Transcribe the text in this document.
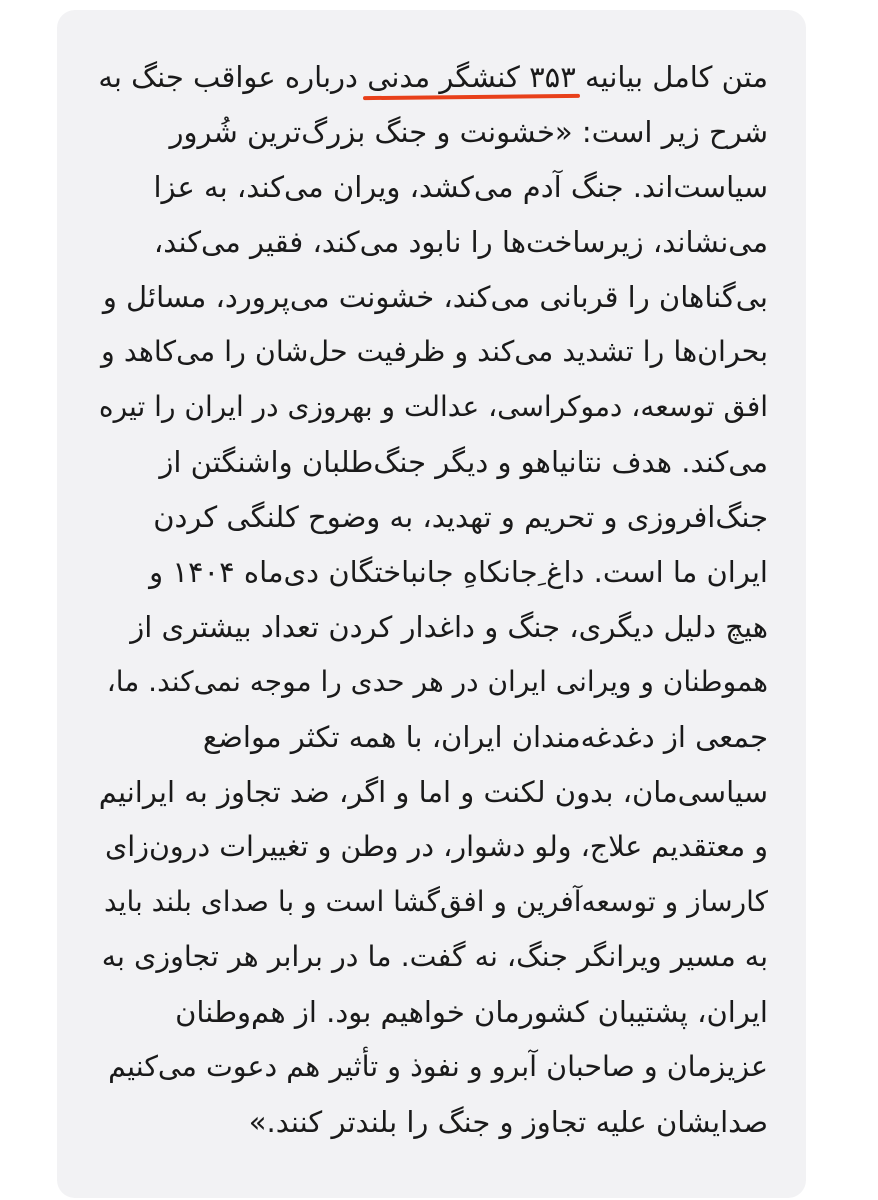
متن کامل بیانیه ۳۵۳ کنشگر مدنی
درباره عواقب جنگ به
شرح زیر است: «خشونت و جنگ بزرگ‌ترین شُرور
سیاست‌اند. جنگ آدم می‌کشد، ویران می‌کند، به عزا
می‌نشاند، زیرساخت‌ها را نابود می‌کند، فقیر می‌کند،
بی‌گناهان را قربانی می‌کند، خشونت می‌پرورد، مسائل و
بحران‌ها را تشدید می‌کند و ظرفیت حل‌شان را می‌کاهد و
افق توسعه، دموکراسی، عدالت و بهروزی در ایران را تیره
می‌کند. هدف نتانیاهو و دیگر جنگ‌طلبان واشنگتن از
جنگ‌افروزی و تحریم و تهدید، به وضوح کلنگی کردن
ایران ما است. داغ ِجانکاهِ جانباختگان دی‌ماه ۱۴۰۴ و
هیچ دلیل دیگری، جنگ و داغدار کردن تعداد بیشتری از
هموطنان و ویرانی ایران در هر حدی را موجه نمی‌کند. ما،
جمعی از دغدغه‌مندان ایران، با همه تکثر مواضع
سیاسی‌مان، بدون لکنت و اما و اگر، ضد تجاوز به ایرانیم
و معتقدیم علاج، ولو دشوار، در وطن و تغییرات درون‌زای
کارساز و توسعه‌آفرین و افق‌گشا است و با صدای بلند باید
به مسیر ویرانگر جنگ، نه گفت. ما در برابر هر تجاوزی به
ایران، پشتیبان کشورمان خواهیم بود. از هم‌وطنان
عزیزمان و صاحبان آبرو و نفوذ و تأثیر هم دعوت می‌کنیم
صدایشان علیه تجاوز و جنگ را بلندتر کنند.»
